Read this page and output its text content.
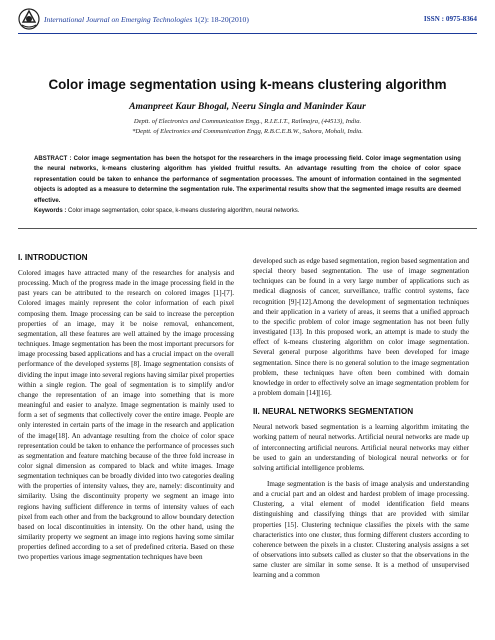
International Journal on Emerging Technologies 1(2): 18-20(2010)	ISSN : 0975-8364
Color image segmentation using k-means clustering algorithm
Amanpreet Kaur Bhogal, Neeru Singla and Maninder Kaur
Deptt. of Electronics and Communication Engg., R.I.E.I.T., Railmajra, (44513), India.
*Deptt. of Electronics and Communication Engg, R.B.C.E.B.W., Sahora, Mohali, India.
ABSTRACT : Color image segmentation has been the hotspot for the researchers in the image processing field. Color image segmentation using the neural networks, k-means clustering algorithm has yielded fruitful results. An advantage resulting from the choice of color space representation could be taken to enhance the performance of segmentation processes. The amount of information contained in the segmented objects is adopted as a measure to determine the segmentation rule. The experimental results show that the segmented image results are deemed effective.
Keywords : Color image segmentation, color space, k-means clustering algorithm, neural networks.
I. INTRODUCTION

Colored images have attracted many of the researches for analysis and processing. Much of the progress made in the image processing field in the past years can be attributed to the research on colored images [1]-[7]. Colored images mainly represent the color information of each pixel composing them. Image processing can be said to increase the perception properties of an image, may it be noise removal, enhancement, segmentation, all these features are well attained by the image processing techniques. Image segmentation has been the most important precursors for image processing based applications and has a crucial impact on the overall performance of the developed systems [8]. Image segmentation consists of dividing the input image into several regions having similar pixel properties within a single region. The goal of segmentation is to simplify and/or change the representation of an image into something that is more meaningful and easier to analyze. Image segmentation is mainly used to form a set of segments that collectively cover the entire image. People are only interested in certain parts of the image in the research and application of the image[18]. An advantage resulting from the choice of color space representation could be taken to enhance the performance of processes such as segmentation and feature matching because of the three fold increase in color signal dimension as compared to black and white images. Image segmentation techniques can be broadly divided into two categories dealing with the properties of intensity values, they are, namely: discontinuity and similarity. Using the discontinuity property we segment an image into regions having sufficient difference in terms of intensity values of each pixel from each other and from the background to allow boundary detection based on local discontinuities in intensity. On the other hand, using the similarity property we segment an image into regions having some similar properties defined according to a set of predefined criteria. Based on these two properties various image segmentation techniques have been

developed such as edge based segmentation, region based segmentation and special theory based segmentation. The use of image segmentation techniques can be found in a very large number of applications such as medical diagnosis of cancer, surveillance, traffic control systems, face recognition [9]-[12].Among the development of segmentation techniques and their application in a variety of areas, it seems that a unified approach to the specific problem of color image segmentation has not been fully investigated [13]. In this proposed work, an attempt is made to study the effect of k-means clustering algorithm on color image segmentation. Several general purpose algorithms have been developed for image segmentation. Since there is no general solution to the image segmentation problem, these techniques have often been combined with domain knowledge in order to effectively solve an image segmentation problem for a problem domain [14][16].

II. NEURAL NETWORKS SEGMENTATION

Neural network based segmentation is a learning algorithm imitating the working pattern of neural networks. Artificial neural networks are made up of interconnecting artificial neurons. Artificial neural networks may either be used to gain an understanding of biological neural networks or for solving artificial intelligence problems.

Image segmentation is the basis of image analysis and understanding and a crucial part and an oldest and hardest problem of image processing. Clustering, a vital element of model identification field means distinguishing and classifying things that are provided with similar properties [15]. Clustering technique classifies the pixels with the same characteristics into one cluster, thus forming different clusters according to coherence between the pixels in a cluster. Clustering analysis assigns a set of observations into subsets called as cluster so that the observations in the same cluster are similar in some sense. It is a method of unsupervised learning and a common
